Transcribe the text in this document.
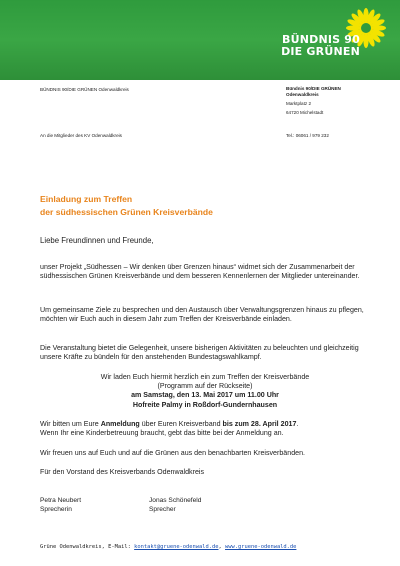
BÜNDNIS 90
DIE GRÜNEN
BÜNDNIS 90/DIE GRÜNEN Odenwaldkreis	Bündnis 90/DIE GRÜNEN
Odenwaldkreis
Marktplatz 2
64720 Michelstadt
An die Mitglieder des KV Odenwaldkreis	Tel.: 06061 / 979 232
Einladung zum Treffen
der südhessischen Grünen Kreisverbände
Liebe Freundinnen und Freunde,

unser Projekt „Südhessen – Wir denken über Grenzen hinaus“ widmet sich der Zusammenarbeit der südhessischen Grünen Kreisverbände und dem besseren Kennenlernen der Mitglieder untereinander.

Um gemeinsame Ziele zu besprechen und den Austausch über Verwaltungsgrenzen hinaus zu pflegen, möchten wir Euch auch in diesem Jahr zum Treffen der Kreisverbände einladen.

Die Veranstaltung bietet die Gelegenheit, unsere bisherigen Aktivitäten zu beleuchten und gleichzeitig unsere Kräfte zu bündeln für den anstehenden Bundestagswahlkampf.

Wir laden Euch hiermit herzlich ein zum Treffen der Kreisverbände
(Programm auf der Rückseite)
am Samstag, den 13. Mai 2017 um 11.00 Uhr
Hofreite Palmy in Roßdorf-Gundernhausen

Wir bitten um Eure Anmeldung über Euren Kreisverband bis zum 28. April 2017.

Wenn Ihr eine Kinderbetreuung braucht, gebt das bitte bei der Anmeldung an.

Wir freuen uns auf Euch und auf die Grünen aus den benachbarten Kreisverbänden.

Für den Vorstand des Kreisverbands Odenwaldkreis

Petra Neubert
Sprecherin
Jonas Schönefeld
Sprecher
Grüne Odenwaldkreis, E-Mail: kontakt@gruene-odenwald.de, www.gruene-odenwald.de
